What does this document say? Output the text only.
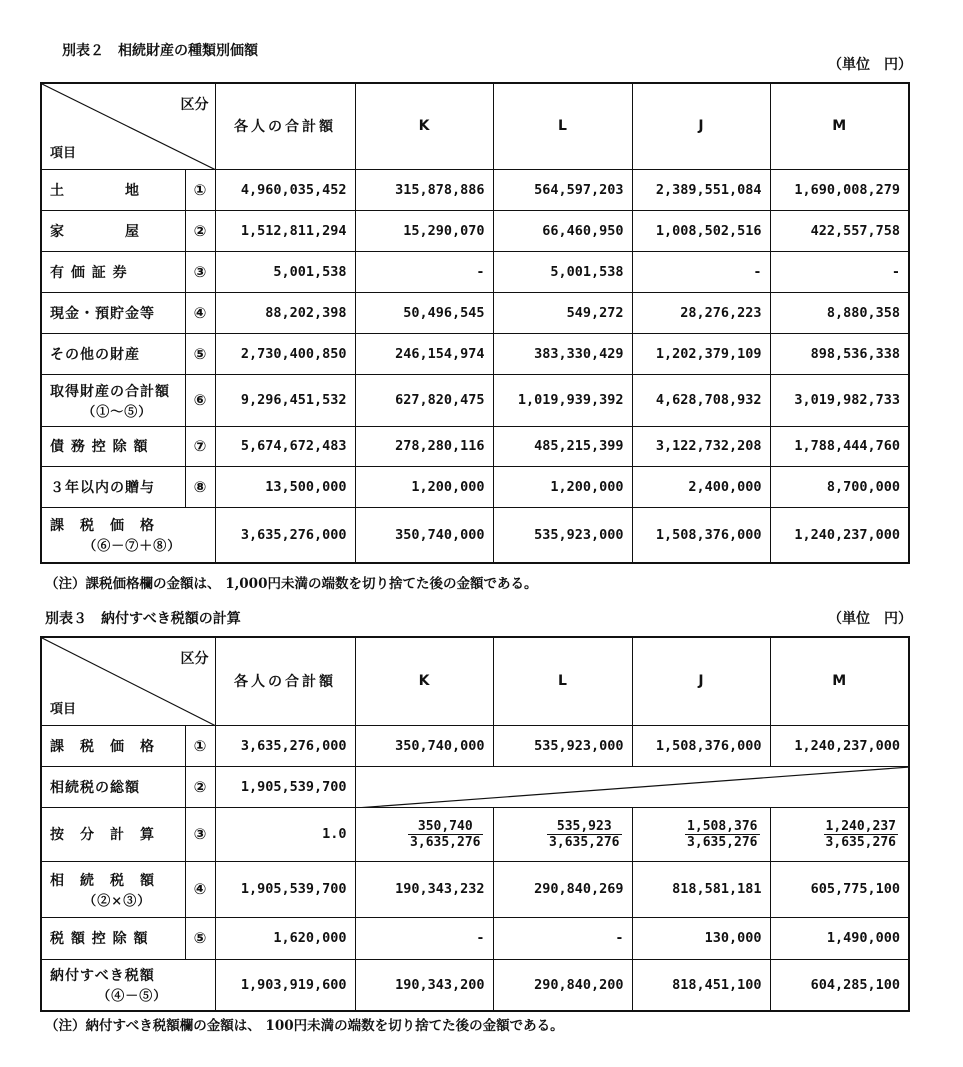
別表２　相続財産の種類別価額
（単位　円）
区分
項目		各人の合計額	K	L	J	M
土　　　　地	①	4,960,035,452	315,878,886	564,597,203	2,389,551,084	1,690,008,279
家　　　　屋	②	1,512,811,294	15,290,070	66,460,950	1,008,502,516	422,557,758
有 価 証 券	③	5,001,538	-	5,001,538	-	-
現金・預貯金等	④	88,202,398	50,496,545	549,272	28,276,223	8,880,358
その他の財産	⑤	2,730,400,850	246,154,974	383,330,429	1,202,379,109	898,536,338
取得財産の合計額
（①～⑤）	⑥	9,296,451,532	627,820,475	1,019,939,392	4,628,708,932	3,019,982,733
債 務 控 除 額	⑦	5,674,672,483	278,280,116	485,215,399	3,122,732,208	1,788,444,760
３年以内の贈与	⑧	13,500,000	1,200,000	1,200,000	2,400,000	8,700,000
課　税　価　格
（⑥－⑦＋⑧）		3,635,276,000	350,740,000	535,923,000	1,508,376,000	1,240,237,000
（注）課税価格欄の金額は、 1,000円未満の端数を切り捨てた後の金額である。
別表３　納付すべき税額の計算	（単位　円）
区分
項目		各人の合計額	K	L	J	M
課　税　価　格	①	3,635,276,000	350,740,000	535,923,000	1,508,376,000	1,240,237,000
相続税の総額	②	1,905,539,700	

按　分　計　算	③	1.0	$\frac{350,740}{3,635,276}$	$\frac{535,923}{3,635,276}$	$\frac{1,508,376}{3,635,276}$	$\frac{1,240,237}{3,635,276}$

相　続　税　額
（②×③）	④	1,905,539,700	190,343,232	290,840,269	818,581,181	605,775,100
税 額 控 除 額	⑤	1,620,000	-	-	130,000	1,490,000
納付すべき税額
（④－⑤）		1,903,919,600	190,343,200	290,840,200	818,451,100	604,285,100
（注）納付すべき税額欄の金額は、 100円未満の端数を切り捨てた後の金額である。
